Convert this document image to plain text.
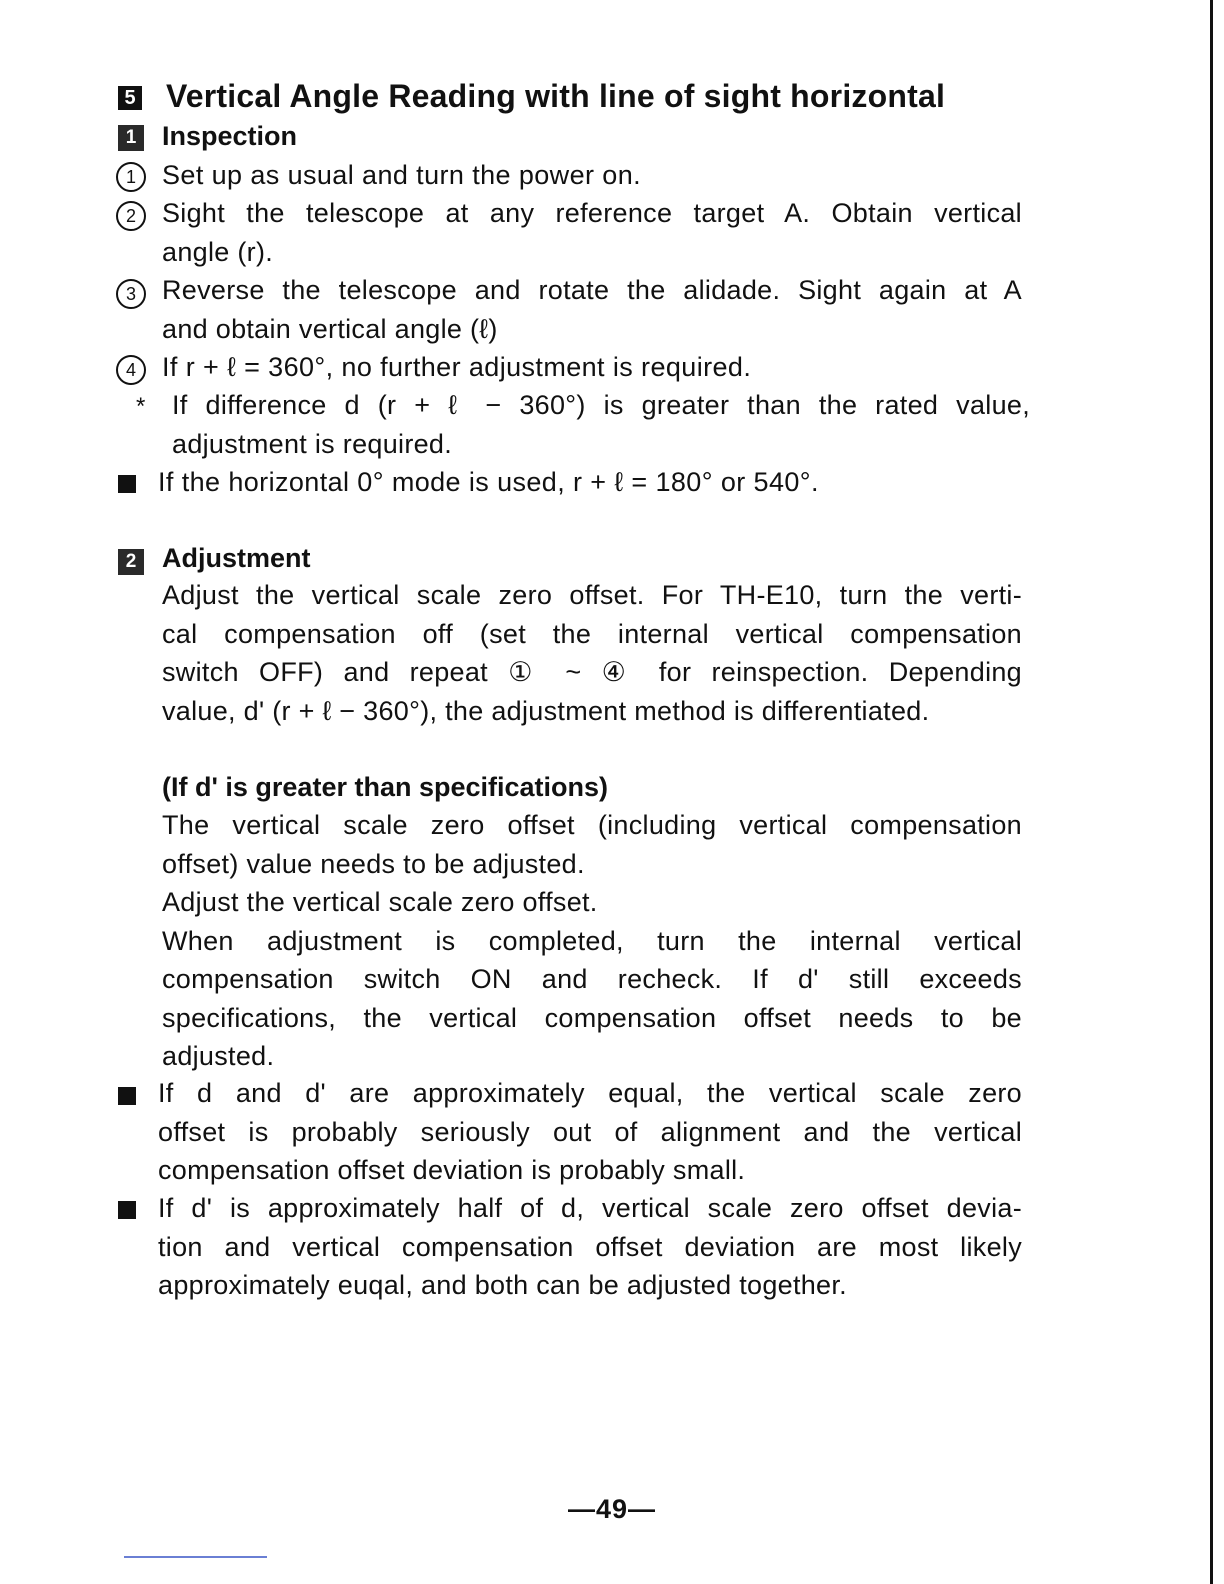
5 Vertical Angle Reading with line of sight horizontal
1 Inspection
1 Set up as usual and turn the power on.
2 Sight the telescope at any reference target A. Obtain vertical
angle (r).
3 Reverse the telescope and rotate the alidade. Sight again at A
and obtain vertical angle (ℓ)
4 If r + ℓ = 360°, no further adjustment is required.
* If difference d (r + ℓ − 360°) is greater than the rated value,
adjustment is required.
If the horizontal 0° mode is used, r + ℓ = 180° or 540°.
2 Adjustment
Adjust the vertical scale zero offset. For TH-E10, turn the verti-
cal compensation off (set the internal vertical compensation
switch OFF) and repeat ① ~ ④ for reinspection. Depending
value, d' (r + ℓ − 360°), the adjustment method is differentiated.
(If d' is greater than specifications)
The vertical scale zero offset (including vertical compensation
offset) value needs to be adjusted.
Adjust the vertical scale zero offset.
When adjustment is completed, turn the internal vertical
compensation switch ON and recheck. If d' still exceeds
specifications, the vertical compensation offset needs to be
adjusted.
If d and d' are approximately equal, the vertical scale zero
offset is probably seriously out of alignment and the vertical
compensation offset deviation is probably small.
If d' is approximately half of d, vertical scale zero offset devia-
tion and vertical compensation offset deviation are most likely
approximately euqal, and both can be adjusted together.
—49—
